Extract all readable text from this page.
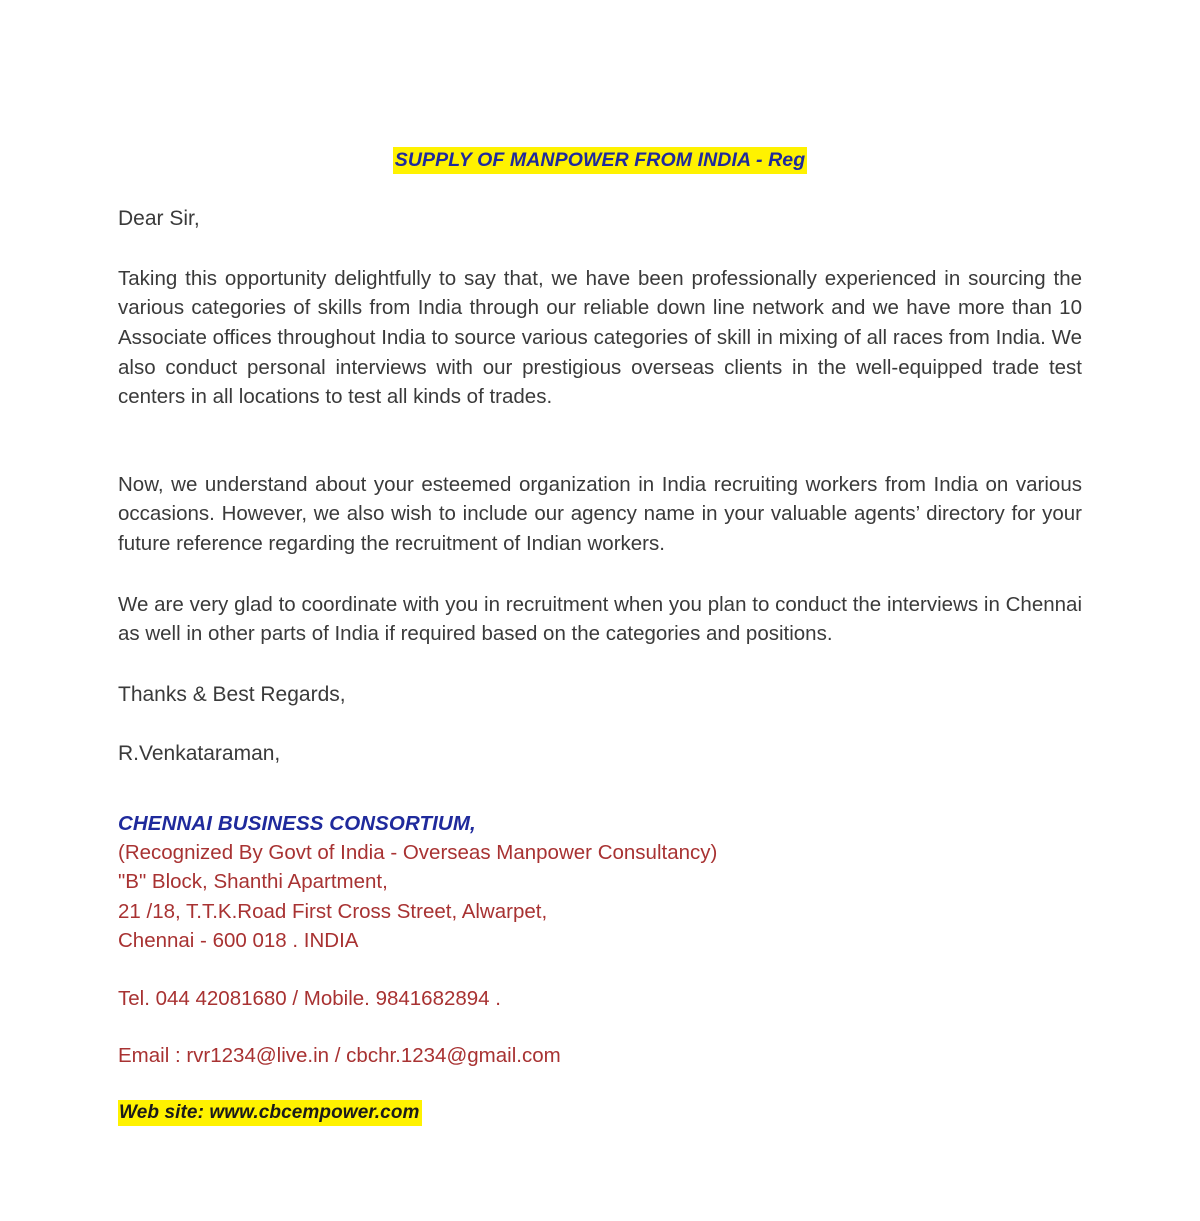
SUPPLY OF MANPOWER FROM INDIA - Reg
Dear Sir,
Taking this opportunity delightfully to say that, we have been professionally experienced in sourcing the various categories of skills from India through our reliable down line network and we have more than 10 Associate offices throughout India to source various categories of skill in mixing of all races from India. We also conduct personal interviews with our prestigious overseas clients in the well-equipped trade test centers in all locations to test all kinds of trades.
Now, we understand about your esteemed organization in India recruiting workers from India on various occasions. However, we also wish to include our agency name in your valuable agents’ directory for your future reference regarding the recruitment of Indian workers.
We are very glad to coordinate with you in recruitment when you plan to conduct the interviews in Chennai as well in other parts of India if required based on the categories and positions.
Thanks & Best Regards,
R.Venkataraman,
CHENNAI BUSINESS CONSORTIUM,
(Recognized By Govt of India - Overseas Manpower Consultancy)
"B" Block, Shanthi Apartment,
21 /18, T.T.K.Road First Cross Street, Alwarpet,
Chennai - 600 018 . INDIA
Tel. 044 42081680 / Mobile. 9841682894 .
Email : rvr1234@live.in / cbchr.1234@gmail.com
Web site: www.cbcempower.com
